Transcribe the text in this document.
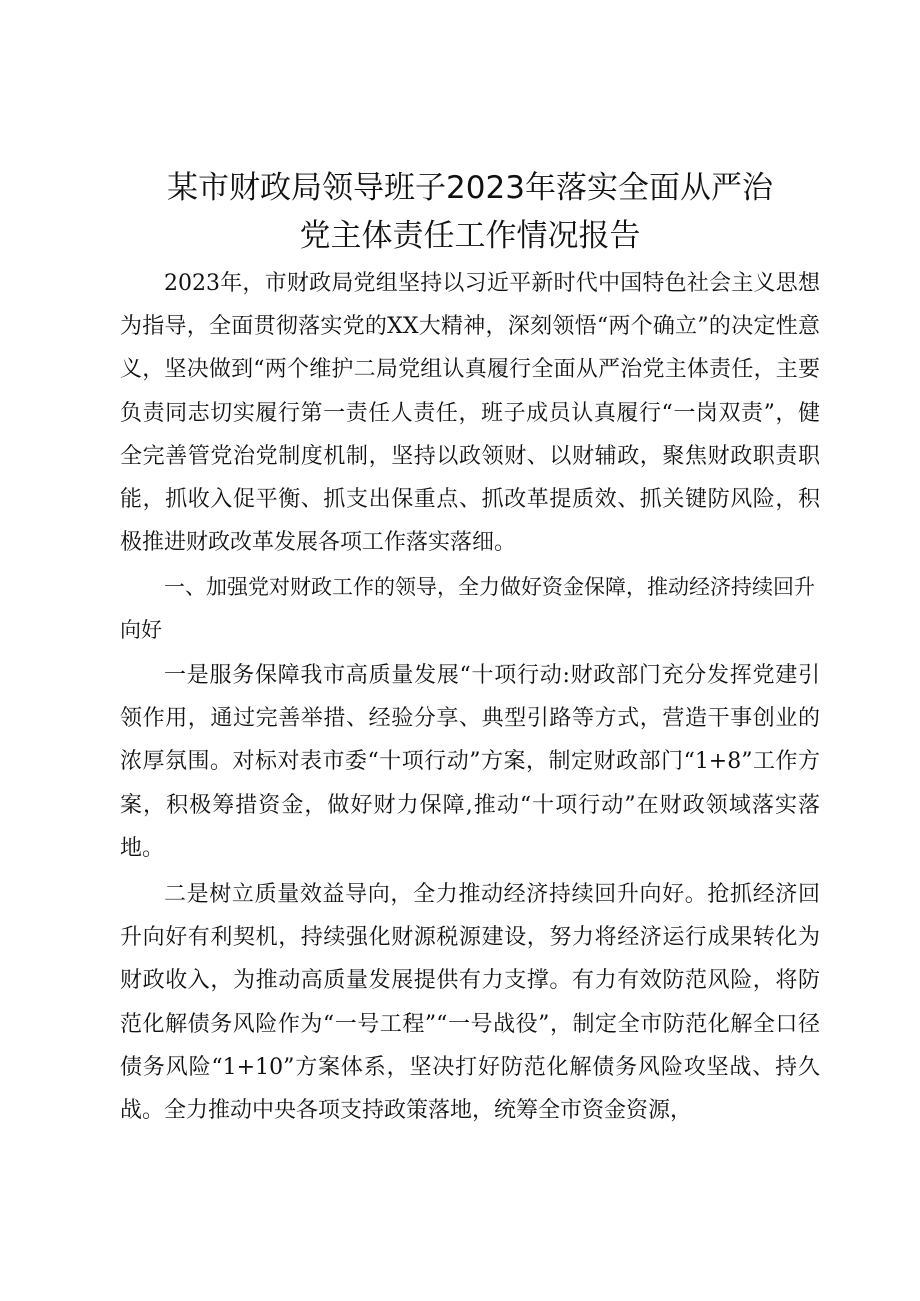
某市财政局领导班子2023年落实全面从严治
党主体责任工作情况报告

2023年，市财政局党组坚持以习近平新时代中国特色社会主义思想为指导，全面贯彻落实党的XX大精神，深刻领悟“两个确立”的决定性意义，坚决做到“两个维护二局党组认真履行全面从严治党主体责任，主要负责同志切实履行第一责任人责任，班子成员认真履行“一岗双责”，健全完善管党治党制度机制，坚持以政领财、以财辅政，聚焦财政职责职能，抓收入促平衡、抓支出保重点、抓改革提质效、抓关键防风险，积极推进财政改革发展各项工作落实落细。

一、加强党对财政工作的领导，全力做好资金保障，推动经济持续回升向好

一是服务保障我市高质量发展“十项行动:财政部门充分发挥党建引领作用，通过完善举措、经验分享、典型引路等方式，营造干事创业的浓厚氛围。对标对表市委“十项行动”方案，制定财政部门“1+8”工作方案，积极筹措资金，做好财力保障,推动“十项行动”在财政领域落实落地。

二是树立质量效益导向，全力推动经济持续回升向好。抢抓经济回升向好有利契机，持续强化财源税源建设，努力将经济运行成果转化为财政收入，为推动高质量发展提供有力支撑。有力有效防范风险，将防范化解债务风险作为“一号工程”“一号战役”，制定全市防范化解全口径债务风险“1+10”方案体系，坚决打好防范化解债务风险攻坚战、持久战。全力推动中央各项支持政策落地，统筹全市资金资源，
